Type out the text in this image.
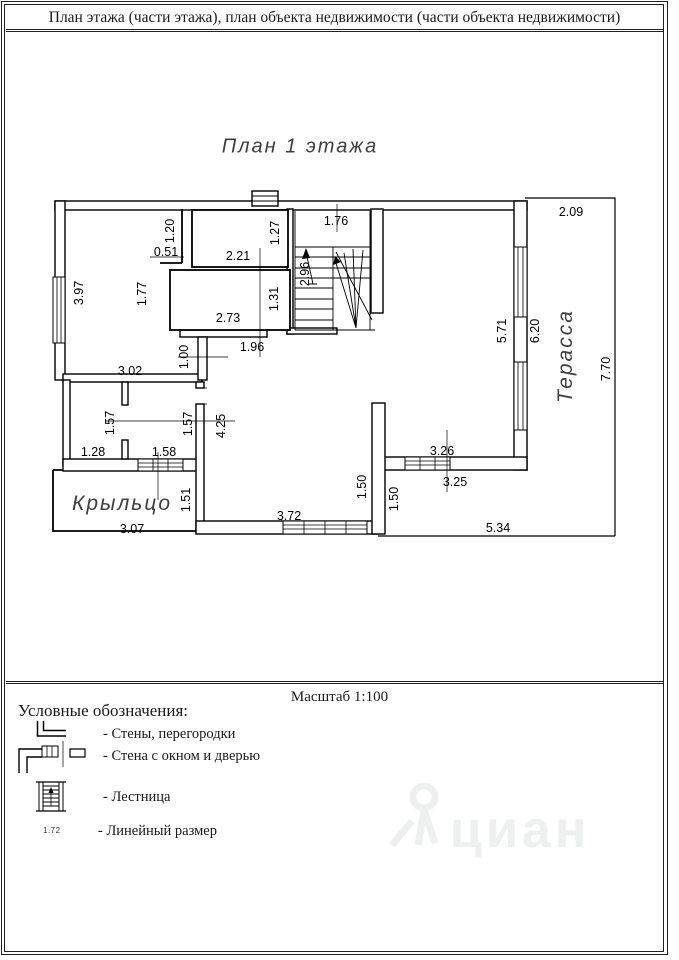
План этажа (части этажа), план объекта недвижимости (части объекта недвижимости)
1.20
0.51	2.21
1.27	1.76
2.96
2.09
3.97	1.77
2.73
1.31
1.96
1.00
3.02
5.71 6.20
7.70
1.57	1.57
1.28	1.58
4.25
3.26
3.25
1.51
3.07
3.72
1.50 1.50
5.34
Терасса
Крыльцо
План 1 этажа
Масштаб 1:100
Условные обозначения:
- Стены, перегородки
- Стена с окном и дверью
- Лестница
1.72	- Линейный размер	циан
